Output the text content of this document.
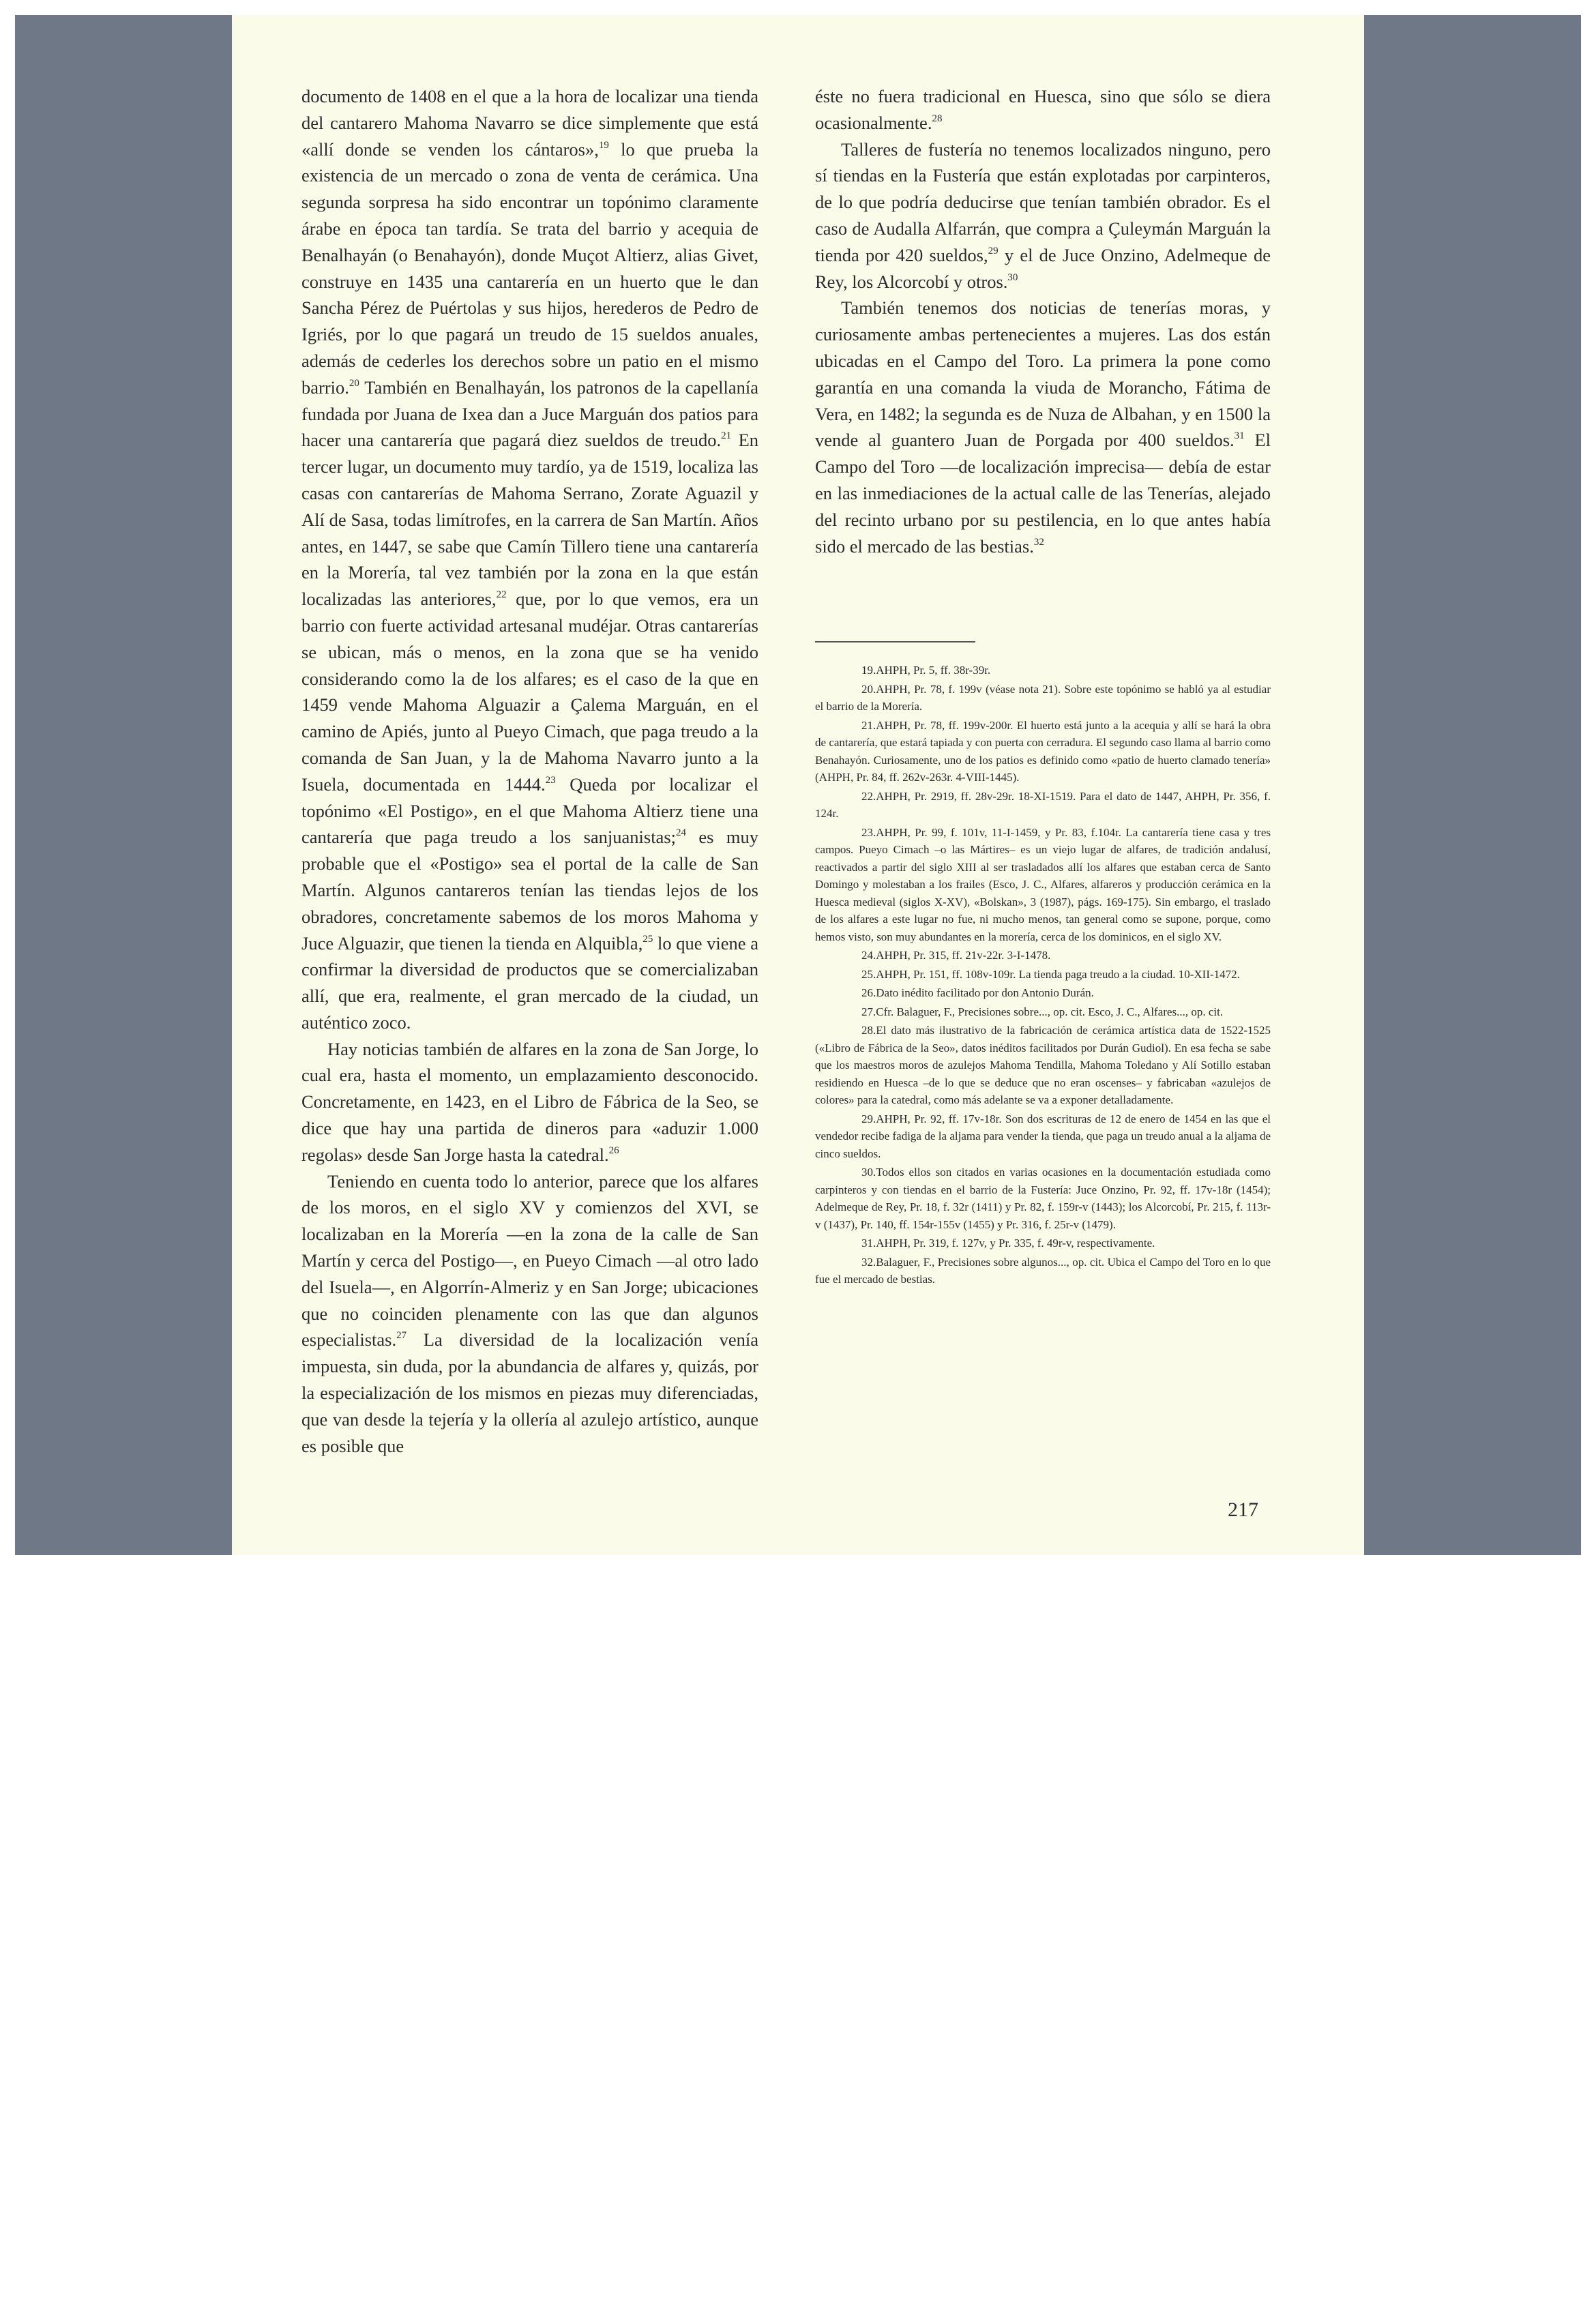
documento de 1408 en el que a la hora de localizar una tienda del cantarero Mahoma Navarro se dice simplemente que está «allí donde se venden los cántaros»,$^{19}$ lo que prueba la existencia de un mercado o zona de venta de cerámica. Una segunda sorpresa ha sido encontrar un topónimo claramente árabe en época tan tardía. Se trata del barrio y acequia de Benalhayán (o Benahayón), donde Muçot Altierz, alias Givet, construye en 1435 una cantarería en un huerto que le dan Sancha Pérez de Puértolas y sus hijos, herederos de Pedro de Igriés, por lo que pagará un treudo de 15 sueldos anuales, además de cederles los derechos sobre un patio en el mismo barrio.$^{20}$ También en Benalhayán, los patronos de la capellanía fundada por Juana de Ixea dan a Juce Marguán dos patios para hacer una cantarería que pagará diez sueldos de treudo.$^{21}$ En tercer lugar, un documento muy tardío, ya de 1519, localiza las casas con cantarerías de Mahoma Serrano, Zorate Aguazil y Alí de Sasa, todas limítrofes, en la carrera de San Martín. Años antes, en 1447, se sabe que Camín Tillero tiene una cantarería en la Morería, tal vez también por la zona en la que están localizadas las anteriores,$^{22}$ que, por lo que vemos, era un barrio con fuerte actividad artesanal mudéjar. Otras cantarerías se ubican, más o menos, en la zona que se ha venido considerando como la de los alfares; es el caso de la que en 1459 vende Mahoma Alguazir a Çalema Marguán, en el camino de Apiés, junto al Pueyo Cimach, que paga treudo a la comanda de San Juan, y la de Mahoma Navarro junto a la Isuela, documentada en 1444.23 Queda por localizar el topónimo «El Postigo», en el que Mahoma Altierz tiene una cantarería que paga treudo a los sanjuanistas;$^{24}$ es muy probable que el «Postigo» sea el portal de la calle de San Martín. Algunos cantareros tenían las tiendas lejos de los obradores, concretamente sabemos de los moros Mahoma y Juce Alguazir, que tienen la tienda en Alquibla,$^{25}$ lo que viene a confirmar la diversidad de productos que se comercializaban allí, que era, realmente, el gran mercado de la ciudad, un auténtico zoco.

Hay noticias también de alfares en la zona de San Jorge, lo cual era, hasta el momento, un emplazamiento desconocido. Concretamente, en 1423, en el Libro de Fábrica de la Seo, se dice que hay una partida de dineros para «aduzir 1.000 regolas» desde San Jorge hasta la catedral.$^{26}$

Teniendo en cuenta todo lo anterior, parece que los alfares de los moros, en el siglo XV y comienzos del XVI, se localizaban en la Morería —en la zona de la calle de San Martín y cerca del Postigo—, en Pueyo Cimach —al otro lado del Isuela—, en Algorrín-Almeriz y en San Jorge; ubicaciones que no coinciden plenamente con las que dan algunos especialistas.$^{27}$ La diversidad de la localización venía impuesta, sin duda, por la abundancia de alfares y, quizás, por la especialización de los mismos en piezas muy diferenciadas, que van desde la tejería y la ollería al azulejo artístico, aunque es posible que

éste no fuera tradicional en Huesca, sino que sólo se diera ocasionalmente.$^{28}$

Talleres de fustería no tenemos localizados ninguno, pero sí tiendas en la Fustería que están explotadas por carpinteros, de lo que podría deducirse que tenían también obrador. Es el caso de Audalla Alfarrán, que compra a Çuleymán Marguán la tienda por 420 sueldos,$^{29}$ y el de Juce Onzino, Adelmeque de Rey, los Alcorcobí y otros.$^{30}$

También tenemos dos noticias de tenerías moras, y curiosamente ambas pertenecientes a mujeres. Las dos están ubicadas en el Campo del Toro. La primera la pone como garantía en una comanda la viuda de Morancho, Fátima de Vera, en 1482; la segunda es de Nuza de Albahan, y en 1500 la vende al guantero Juan de Porgada por 400 sueldos.$^{31}$ El Campo del Toro —de localización imprecisa— debía de estar en las inmediaciones de la actual calle de las Tenerías, alejado del recinto urbano por su pestilencia, en lo que antes había sido el mercado de las bestias.$^{32}$

19.AHPH, Pr. 5, ff. 38r-39r.

20.AHPH, Pr. 78, f. 199v (véase nota 21). Sobre este topónimo se habló ya al estudiar el barrio de la Morería.

21.AHPH, Pr. 78, ff. 199v-200r. El huerto está junto a la acequia y allí se hará la obra de cantarería, que estará tapiada y con puerta con cerradura. El segundo caso llama al barrio como Benahayón. Curiosamente, uno de los patios es definido como «patio de huerto clamado tenería» (AHPH, Pr. 84, ff. 262v-263r. 4-VIII-1445).

22.AHPH, Pr. 2919, ff. 28v-29r. 18-XI-1519. Para el dato de 1447, AHPH, Pr. 356, f. 124r.

23.AHPH, Pr. 99, f. 101v, 11-I-1459, y Pr. 83, f.104r. La cantarería tiene casa y tres campos. Pueyo Cimach –o las Mártires– es un viejo lugar de alfares, de tradición andalusí, reactivados a partir del siglo XIII al ser trasladados allí los alfares que estaban cerca de Santo Domingo y molestaban a los frailes (Esco, J. C., Alfares, alfareros y producción cerámica en la Huesca medieval (siglos X-XV), «Bolskan», 3 (1987), págs. 169-175). Sin embargo, el traslado de los alfares a este lugar no fue, ni mucho menos, tan general como se supone, porque, como hemos visto, son muy abundantes en la morería, cerca de los dominicos, en el siglo XV.

24.AHPH, Pr. 315, ff. 21v-22r. 3-I-1478.

25.AHPH, Pr. 151, ff. 108v-109r. La tienda paga treudo a la ciudad. 10-XII-1472.

26.Dato inédito facilitado por don Antonio Durán.

27.Cfr. Balaguer, F., Precisiones sobre..., op. cit. Esco, J. C., Alfares..., op. cit.

28.El dato más ilustrativo de la fabricación de cerámica artística data de 1522-1525 («Libro de Fábrica de la Seo», datos inéditos facilitados por Durán Gudiol). En esa fecha se sabe que los maestros moros de azulejos Mahoma Tendilla, Mahoma Toledano y Alí Sotillo estaban residiendo en Huesca –de lo que se deduce que no eran oscenses– y fabricaban «azulejos de colores» para la catedral, como más adelante se va a exponer detalladamente.

29.AHPH, Pr. 92, ff. 17v-18r. Son dos escrituras de 12 de enero de 1454 en las que el vendedor recibe fadiga de la aljama para vender la tienda, que paga un treudo anual a la aljama de cinco sueldos.

30.Todos ellos son citados en varias ocasiones en la documentación estudiada como carpinteros y con tiendas en el barrio de la Fustería: Juce Onzino, Pr. 92, ff. 17v-18r (1454); Adelmeque de Rey, Pr. 18, f. 32r (1411) y Pr. 82, f. 159r-v (1443); los Alcorcobí, Pr. 215, f. 113r-v (1437), Pr. 140, ff. 154r-155v (1455) y Pr. 316, f. 25r-v (1479).

31.AHPH, Pr. 319, f. 127v, y Pr. 335, f. 49r-v, respectivamente.

32.Balaguer, F., Precisiones sobre algunos..., op. cit. Ubica el Campo del Toro en lo que fue el mercado de bestias.

217
